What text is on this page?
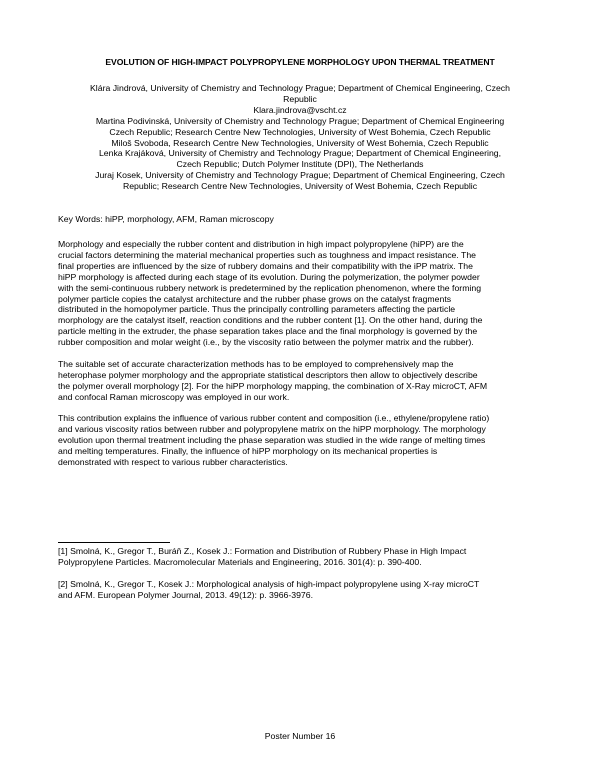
EVOLUTION OF HIGH-IMPACT POLYPROPYLENE MORPHOLOGY UPON THERMAL TREATMENT
Klára Jindrová, University of Chemistry and Technology Prague; Department of Chemical Engineering, Czech
Republic
Klara.jindrova@vscht.cz
Martina Podivinská, University of Chemistry and Technology Prague; Department of Chemical Engineering
Czech Republic; Research Centre New Technologies, University of West Bohemia, Czech Republic
Miloš Svoboda, Research Centre New Technologies, University of West Bohemia, Czech Republic
Lenka Krajáková, University of Chemistry and Technology Prague; Department of Chemical Engineering,
Czech Republic; Dutch Polymer Institute (DPI), The Netherlands
Juraj Kosek, University of Chemistry and Technology Prague; Department of Chemical Engineering, Czech
Republic; Research Centre New Technologies, University of West Bohemia, Czech Republic
Key Words: hiPP, morphology, AFM, Raman microscopy
Morphology and especially the rubber content and distribution in high impact polypropylene (hiPP) are the
crucial factors determining the material mechanical properties such as toughness and impact resistance. The
final properties are influenced by the size of rubbery domains and their compatibility with the iPP matrix. The
hiPP morphology is affected during each stage of its evolution. During the polymerization, the polymer powder
with the semi-continuous rubbery network is predetermined by the replication phenomenon, where the forming
polymer particle copies the catalyst architecture and the rubber phase grows on the catalyst fragments
distributed in the homopolymer particle. Thus the principally controlling parameters affecting the particle
morphology are the catalyst itself, reaction conditions and the rubber content [1]. On the other hand, during the
particle melting in the extruder, the phase separation takes place and the final morphology is governed by the
rubber composition and molar weight (i.e., by the viscosity ratio between the polymer matrix and the rubber).
The suitable set of accurate characterization methods has to be employed to comprehensively map the
heterophase polymer morphology and the appropriate statistical descriptors then allow to objectively describe
the polymer overall morphology [2]. For the hiPP morphology mapping, the combination of X-Ray microCT, AFM
and confocal Raman microscopy was employed in our work.
This contribution explains the influence of various rubber content and composition (i.e., ethylene/propylene ratio)
and various viscosity ratios between rubber and polypropylene matrix on the hiPP morphology. The morphology
evolution upon thermal treatment including the phase separation was studied in the wide range of melting times
and melting temperatures. Finally, the influence of hiPP morphology on its mechanical properties is
demonstrated with respect to various rubber characteristics.
[1] Smolná, K., Gregor T., Buráň Z., Kosek J.: Formation and Distribution of Rubbery Phase in High Impact
Polypropylene Particles. Macromolecular Materials and Engineering, 2016. 301(4): p. 390-400.
[2] Smolná, K., Gregor T., Kosek J.: Morphological analysis of high-impact polypropylene using X-ray microCT
and AFM. European Polymer Journal, 2013. 49(12): p. 3966-3976.
Poster Number 16
